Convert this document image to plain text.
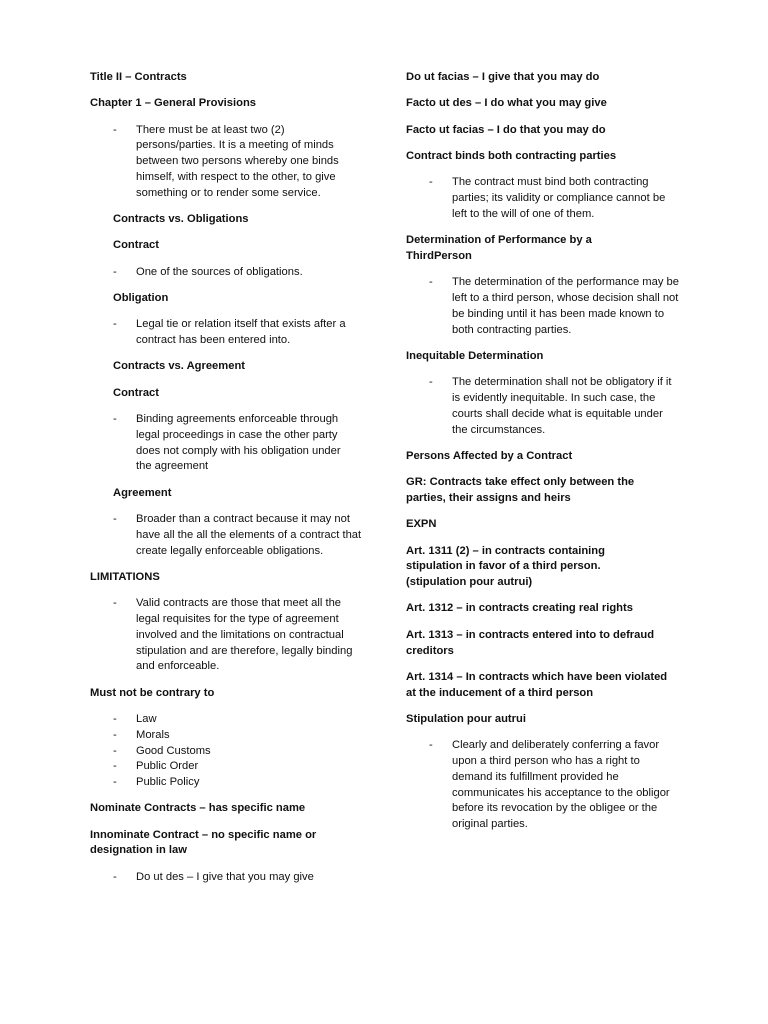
Title II – Contracts

Chapter 1 – General Provisions

- There must be at least two (2) persons/parties. It is a meeting of minds between two persons whereby one binds himself, with respect to the other, to give something or to render some service.

Contracts vs. Obligations

Contract

- One of the sources of obligations.

Obligation

- Legal tie or relation itself that exists after a contract has been entered into.

Contracts vs. Agreement

Contract

- Binding agreements enforceable through legal proceedings in case the other party does not comply with his obligation under the agreement

Agreement

- Broader than a contract because it may not have all the all the elements of a contract that create legally enforceable obligations.

LIMITATIONS

- Valid contracts are those that meet all the legal requisites for the type of agreement involved and the limitations on contractual stipulation and are therefore, legally binding and enforceable.

Must not be contrary to

- Law
- Morals
- Good Customs
- Public Order
- Public Policy

Nominate Contracts – has specific name

Innominate Contract – no specific name or designation in law

- Do ut des – I give that you may give

Do ut facias – I give that you may do

Facto ut des – I do what you may give

Facto ut facias – I do that you may do

Contract binds both contracting parties

- The contract must bind both contracting parties; its validity or compliance cannot be left to the will of one of them.

Determination of Performance by a ThirdPerson

- The determination of the performance may be left to a third person, whose decision shall not be binding until it has been made known to both contracting parties.

Inequitable Determination

- The determination shall not be obligatory if it is evidently inequitable. In such case, the courts shall decide what is equitable under the circumstances.

Persons Affected by a Contract

GR: Contracts take effect only between the parties, their assigns and heirs

EXPN

Art. 1311 (2) – in contracts containing stipulation in favor of a third person. (stipulation pour autrui)

Art. 1312 – in contracts creating real rights

Art. 1313 – in contracts entered into to defraud creditors

Art. 1314 – In contracts which have been violated at the inducement of a third person

Stipulation pour autrui

- Clearly and deliberately conferring a favor upon a third person who has a right to demand its fulfillment provided he communicates his acceptance to the obligor before its revocation by the obligee or the original parties.
